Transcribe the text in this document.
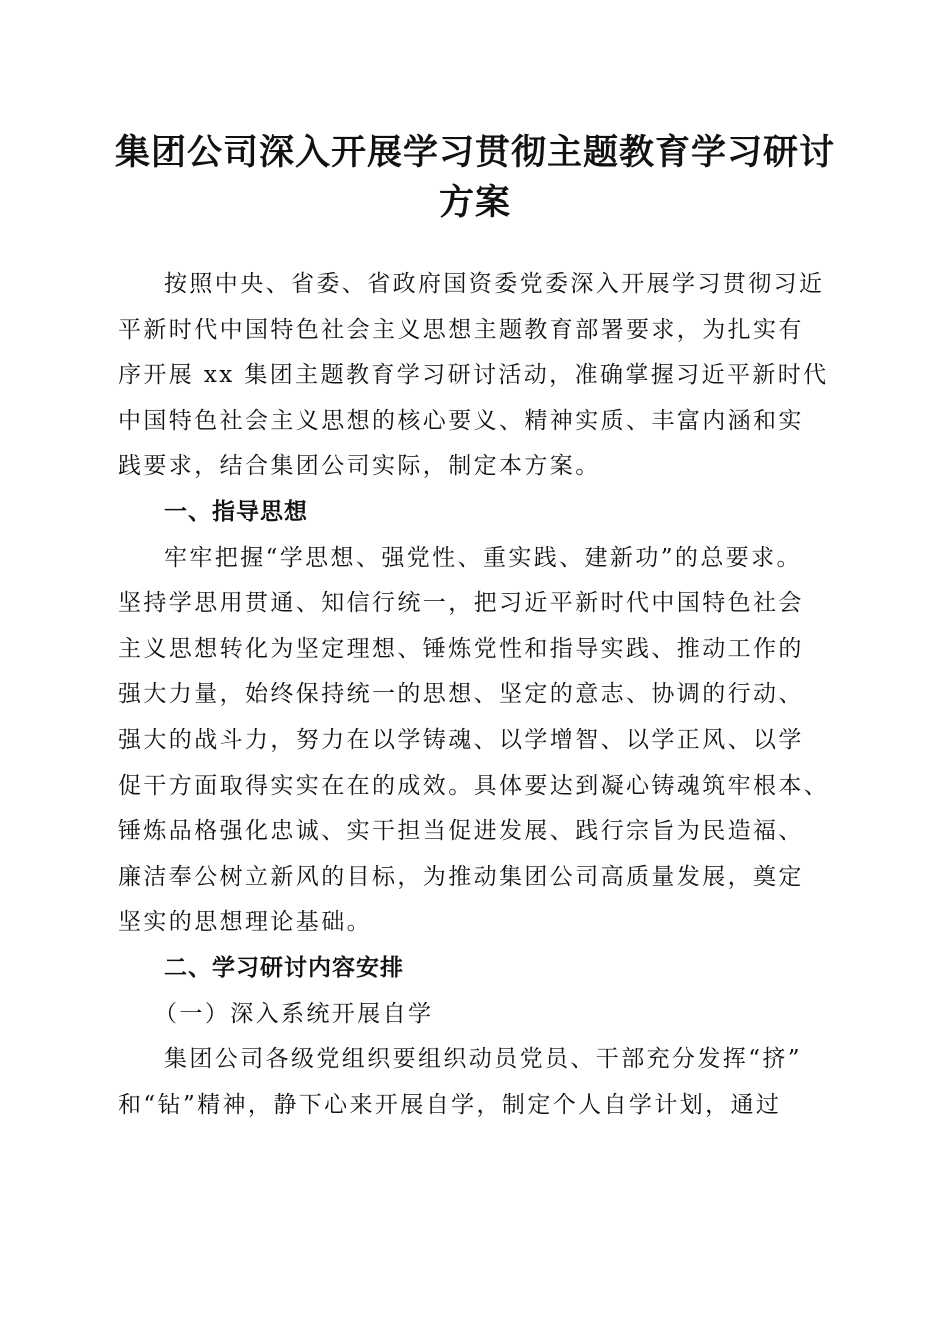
集团公司深入开展学习贯彻主题教育学习研讨
方案
按照中央、省委、省政府国资委党委深入开展学习贯彻习近
平新时代中国特色社会主义思想主题教育部署要求，为扎实有
序开展 xx 集团主题教育学习研讨活动，准确掌握习近平新时代
中国特色社会主义思想的核心要义、精神实质、丰富内涵和实
践要求，结合集团公司实际，制定本方案。
一、指导思想
牢牢把握“学思想、强党性、重实践、建新功”的总要求。
坚持学思用贯通、知信行统一，把习近平新时代中国特色社会
主义思想转化为坚定理想、锤炼党性和指导实践、推动工作的
强大力量，始终保持统一的思想、坚定的意志、协调的行动、
强大的战斗力，努力在以学铸魂、以学增智、以学正风、以学
促干方面取得实实在在的成效。具体要达到凝心铸魂筑牢根本、
锤炼品格强化忠诚、实干担当促进发展、践行宗旨为民造福、
廉洁奉公树立新风的目标，为推动集团公司高质量发展，奠定
坚实的思想理论基础。
二、学习研讨内容安排
（一）深入系统开展自学
集团公司各级党组织要组织动员党员、干部充分发挥“挤”
和“钻”精神，静下心来开展自学，制定个人自学计划，通过
